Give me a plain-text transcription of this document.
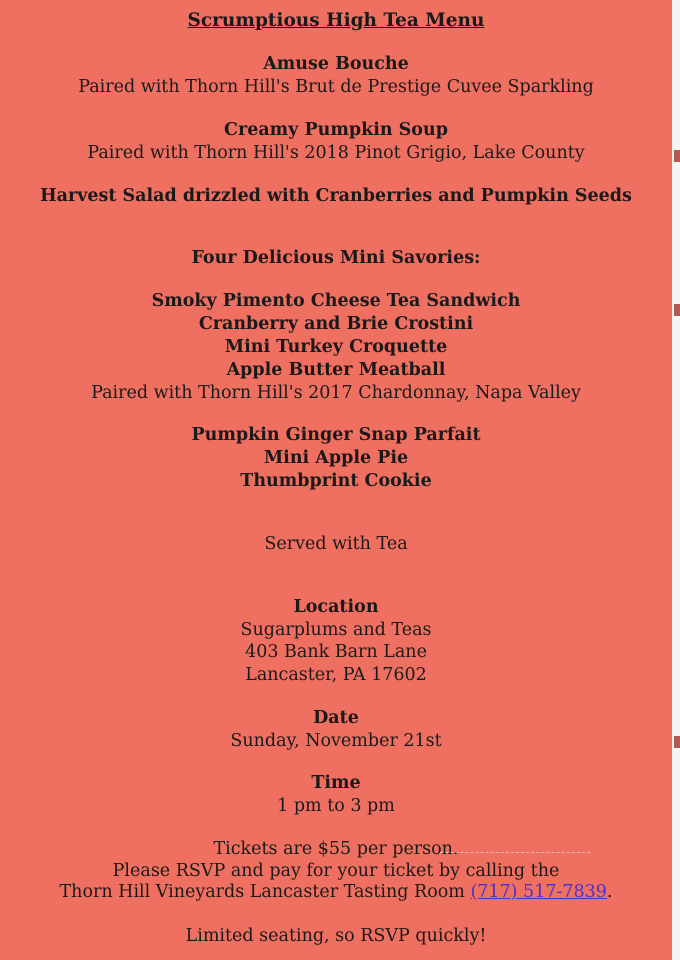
Scrumptious High Tea Menu
Amuse Bouche
Paired with Thorn Hill's Brut de Prestige Cuvee Sparkling
Creamy Pumpkin Soup
Paired with Thorn Hill's 2018 Pinot Grigio, Lake County
Harvest Salad drizzled with Cranberries and Pumpkin Seeds
Four Delicious Mini Savories:
Smoky Pimento Cheese Tea Sandwich
Cranberry and Brie Crostini
Mini Turkey Croquette
Apple Butter Meatball
Paired with Thorn Hill's 2017 Chardonnay, Napa Valley
Pumpkin Ginger Snap Parfait
Mini Apple Pie
Thumbprint Cookie
Served with Tea
Location
Sugarplums and Teas
403 Bank Barn Lane
Lancaster, PA 17602
Date
Sunday, November 21st
Time
1 pm to 3 pm
Tickets are $55 per person.
Please RSVP and pay for your ticket by calling the
Thorn Hill Vineyards Lancaster Tasting Room (717) 517-7839.
Limited seating, so RSVP quickly!
